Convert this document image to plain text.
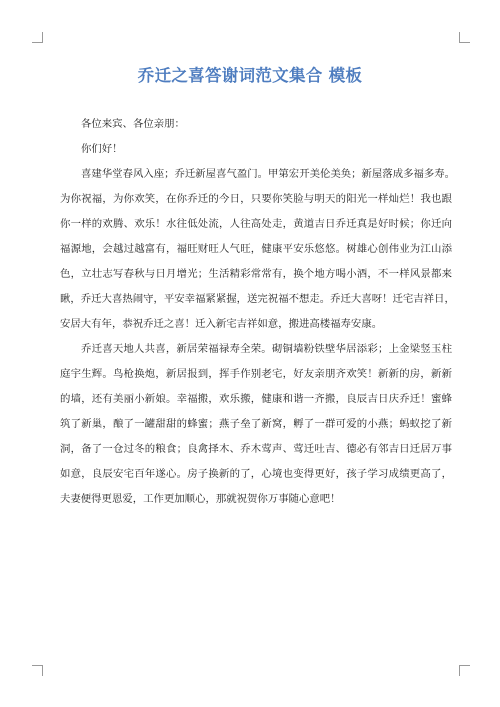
乔迁之喜答谢词范文集合 模板
各位来宾、各位亲朋：
你们好！
喜建华堂春风入座；乔迁新屋喜气盈门。甲第宏开美伦美奂；新屋落成多福多寿。
为你祝福，为你欢笑，在你乔迁的今日，只要你笑脸与明天的阳光一样灿烂！我也跟
你一样的欢腾、欢乐！水往低处流，人往高处走，黄道吉日乔迁真是好时候；你迁向
福源地，会越过越富有，福旺财旺人气旺，健康平安乐悠悠。树雄心创伟业为江山添
色，立壮志写春秋与日月增光；生活精彩常常有，换个地方喝小酒，不一样风景都来
瞅，乔迁大喜热闹守，平安幸福紧紧握，送完祝福不想走。乔迁大喜呀！迁宅吉祥日，
安居大有年，恭祝乔迁之喜！迁入新宅吉祥如意，搬进高楼福寿安康。
乔迁喜天地人共喜，新居荣福禄寿全荣。砌铜墙粉铁壁华居添彩；上金梁竖玉柱
庭宇生辉。鸟枪换炮，新居报到，挥手作别老宅，好友亲朋齐欢笑！新新的房，新新
的墙，还有美丽小新娘。幸福搬，欢乐搬，健康和谐一齐搬，良辰吉日庆乔迁！蜜蜂
筑了新巢，酿了一罐甜甜的蜂蜜；燕子垒了新窝，孵了一群可爱的小燕；蚂蚁挖了新
洞，备了一仓过冬的粮食；良禽择木、乔木莺声、莺迁吐吉、德必有邻吉日迁居万事
如意，良辰安宅百年遂心。房子换新的了，心境也变得更好，孩子学习成绩更高了，
夫妻便得更恩爱，工作更加顺心，那就祝贺你万事随心意吧！
